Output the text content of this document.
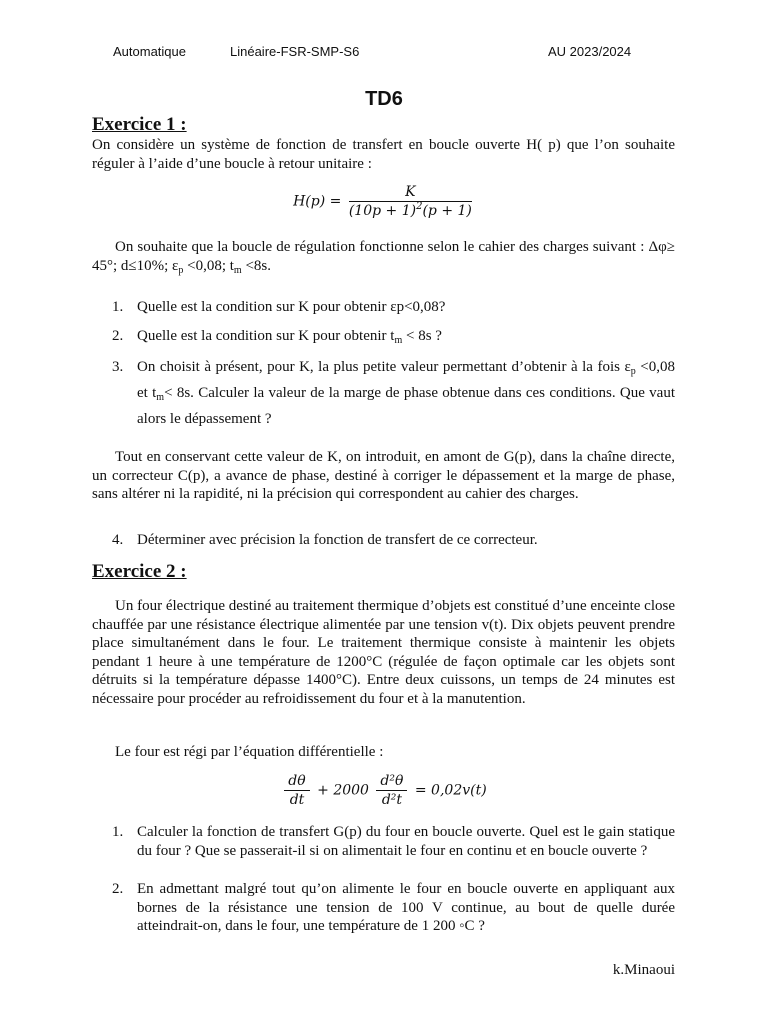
Automatique	Linéaire-FSR-SMP-S6	AU 2023/2024
TD6
Exercice 1 :
On considère un système de fonction de transfert en boucle ouverte H( p) que l’on souhaite réguler à l’aide d’une boucle à retour unitaire :
$H(p) = \frac{K}{(10p + 1)^2(p + 1)}$
On souhaite que la boucle de régulation fonctionne selon le cahier des charges suivant : Δφ≥ 45°; d≤10%; $\varepsilon_p <0,08$; $t_m <8s$.
1. Quelle est la condition sur K pour obtenir εp<0,08?
2. Quelle est la condition sur K pour obtenir $t_m < 8s$ ?
3. On choisit à présent, pour K, la plus petite valeur permettant d’obtenir à la fois $\varepsilon_p <0,08$ et $t_m< 8s$. Calculer la valeur de la marge de phase obtenue dans ces conditions. Que vaut alors le dépassement ?
Tout en conservant cette valeur de K, on introduit, en amont de G(p), dans la chaîne directe, un correcteur C(p), a avance de phase, destiné à corriger le dépassement et la marge de phase, sans altérer ni la rapidité, ni la précision qui correspondent au cahier des charges.
4. Déterminer avec précision la fonction de transfert de ce correcteur.
Exercice 2 :
Un four électrique destiné au traitement thermique d’objets est constitué d’une enceinte close chauffée par une résistance électrique alimentée par une tension v(t). Dix objets peuvent prendre place simultanément dans le four. Le traitement thermique consiste à maintenir les objets pendant 1 heure à une température de 1200°C (régulée de façon optimale car les objets sont détruits si la température dépasse 1400°C). Entre deux cuissons, un temps de 24 minutes est nécessaire pour procéder au refroidissement du four et à la manutention.
Le four est régi par l’équation différentielle :
$\frac{d\theta}{dt} + 2000 \frac{\text{d²θ}}{\text{d²t}} = 0,02v(t)$
1. Calculer la fonction de transfert G(p) du four en boucle ouverte. Quel est le gain statique du four ? Que se passerait-il si on alimentait le four en continu et en boucle ouverte ?
2. En admettant malgré tout qu’on alimente le four en boucle ouverte en appliquant aux bornes de la résistance une tension de 100 V continue, au bout de quelle durée atteindrait-on, dans le four, une température de 1 200 ◦C ?
k.Minaoui
